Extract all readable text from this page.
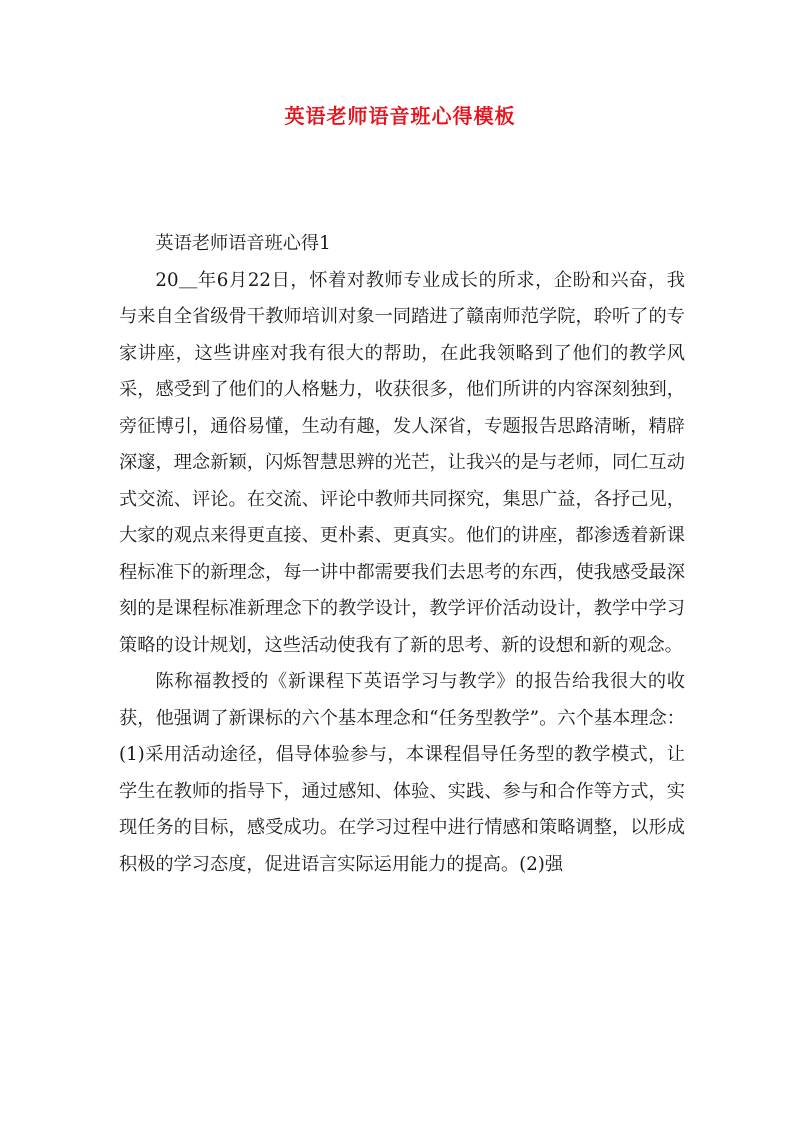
英语老师语音班心得模板

英语老师语音班心得1

20＿年6月22日，怀着对教师专业成长的所求，企盼和兴奋，我与来自全省级骨干教师培训对象一同踏进了赣南师范学院，聆听了的专家讲座，这些讲座对我有很大的帮助，在此我领略到了他们的教学风采，感受到了他们的人格魅力，收获很多，他们所讲的内容深刻独到，旁征博引，通俗易懂，生动有趣，发人深省，专题报告思路清晰，精辟深邃，理念新颖，闪烁智慧思辨的光芒，让我兴的是与老师，同仁互动式交流、评论。在交流、评论中教师共同探究，集思广益，各抒己见，大家的观点来得更直接、更朴素、更真实。他们的讲座，都渗透着新课程标准下的新理念，每一讲中都需要我们去思考的东西，使我感受最深刻的是课程标准新理念下的教学设计，教学评价活动设计，教学中学习策略的设计规划，这些活动使我有了新的思考、新的设想和新的观念。

陈称福教授的《新课程下英语学习与教学》的报告给我很大的收获，他强调了新课标的六个基本理念和“任务型教学”。六个基本理念：(1)采用活动途径，倡导体验参与，本课程倡导任务型的教学模式，让学生在教师的指导下，通过感知、体验、实践、参与和合作等方式，实现任务的目标，感受成功。在学习过程中进行情感和策略调整，以形成积极的学习态度，促进语言实际运用能力的提高。(2)强
